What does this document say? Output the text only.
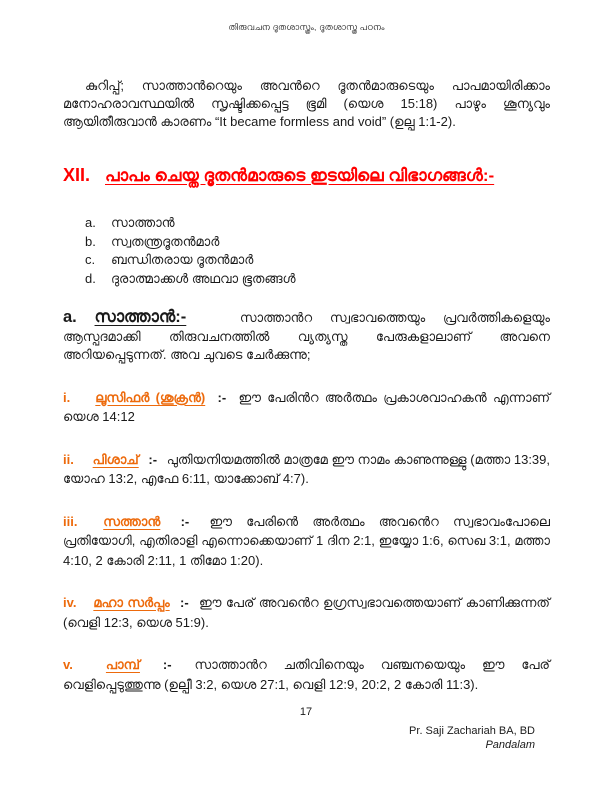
തിരുവചന ദൂതശാസ്ത്രം, ദൂതശാസ്ത്ര പഠനം
കുറിപ്പ്; സാത്താൻറെയും അവൻറെ ദൂതൻമാരുടെയും പാപമായിരിക്കാം മനോഹരാവസ്ഥയിൽ സൃഷ്ടിക്കപ്പെട്ട ഭൂമി (യെശ 15:18) പാഴും ശൂന്യവും ആയിതീരുവാൻ കാരണം “It became formless and void” (ഉല്പ 1:1-2).
XII. പാപം ചെയ്ത ദൂതൻമാരുടെ ഇടയിലെ വിഭാഗങ്ങൾ:-
a.	സാത്താൻ
b.	സ്വതന്ത്രദൂതൻമാർ
c.	ബന്ധിതരായ ദൂതൻമാർ
d.	ദുരാത്മാക്കൾ അഥവാ ഭൂതങ്ങൾ
a. സാത്താൻ:-	സാത്താൻറ സ്വഭാവത്തെയും പ്രവർത്തികളെയും ആസ്പദമാക്കി തിരുവചനത്തിൽ വ്യത്യസ്ത പേരുകളാലാണ് അവനെ അറിയപ്പെടുന്നത്. അവ ചുവടെ ചേർക്കുന്നു;
i. ലൂസിഫർ (ശുക്രൻ) :- ഈ പേരിൻറ അർത്ഥം പ്രകാശവാഹകൻ എന്നാണ് യെശ 14:12
ii. പിശാച് :- പുതിയനിയമത്തിൽ മാത്രമേ ഈ നാമം കാണുന്നുള്ളു (മത്താ 13:39, യോഹ 13:2, എഫേ 6:11, യാക്കോബ് 4:7).
iii. സത്താൻ :- ഈ പേരിൻെ അർത്ഥം അവൻെറ സ്വഭാവംപോലെ പ്രതിയോഗി, എതിരാളി എന്നൊക്കെയാണ് 1 ദിന 2:1, ഇയ്യോ 1:6, സെഖ 3:1, മത്താ 4:10, 2 കോരി 2:11, 1 തിമോ 1:20).
iv. മഹാ സർപ്പം :- ഈ പേര് അവൻെറ ഉഗ്രസ്വഭാവത്തെയാണ് കാണിക്കുന്നത് (വെളി 12:3, യെശ 51:9).
v.	പാമ്പ് :- സാത്താൻറ ചതിവിനെയും വഞ്ചനയെയും ഈ പേര് വെളിപ്പെടുത്തുന്നു (ഉല്പീ 3:2, യെശ 27:1, വെളി 12:9, 20:2, 2 കോരി 11:3).
17
Pr. Saji Zachariah BA, BD
Pandalam
